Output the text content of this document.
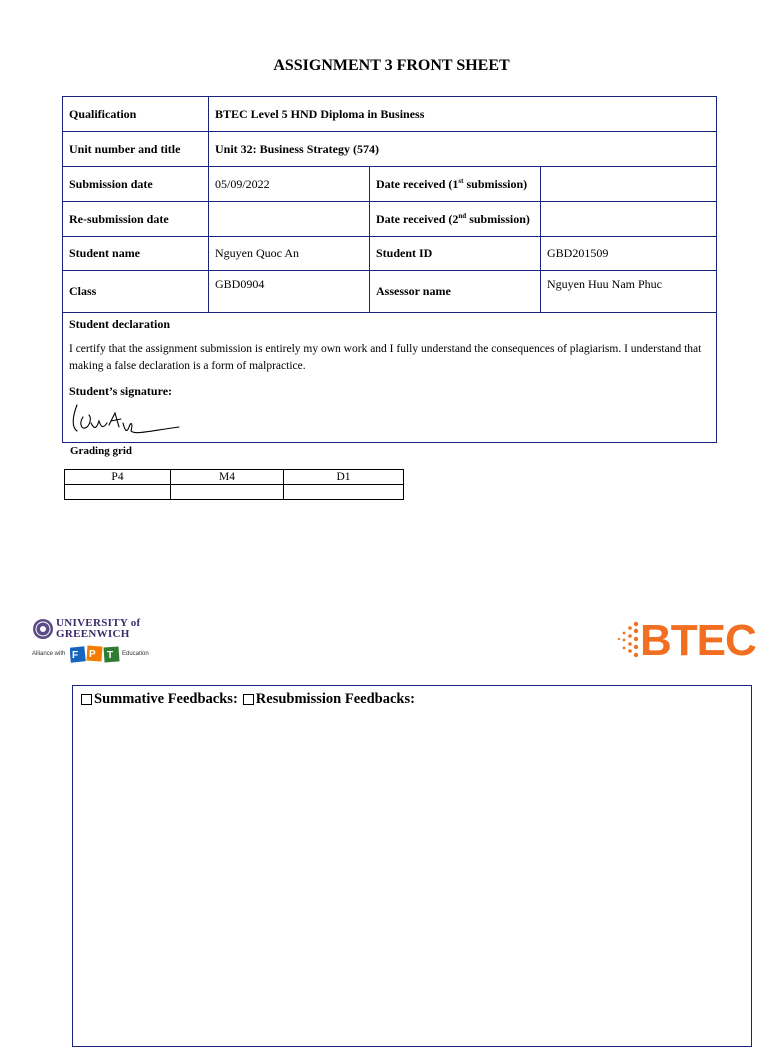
ASSIGNMENT 3 FRONT SHEET
Qualification	BTEC Level 5 HND Diploma in Business		
Unit number and title	Unit 32: Business Strategy (574)		
Submission date	05/09/2022	Date received (1st submission)	
Re-submission date		Date received (2nd submission)	
Student name	Nguyen Quoc An	Student ID	GBD201509
Class	GBD0904	Assessor name	Nguyen Huu Nam Phuc

Student declaration
I certify that the assignment submission is entirely my own work and I fully understand the consequences of plagiarism. I understand that making a false declaration is a form of malpractice.
Student’s signature:			
Grading grid
P4	M4	D1

UNIVERSITY of
GREENWICH
Alliance with F P T Education	BTEC
Summative Feedbacks: Resubmission Feedbacks:
